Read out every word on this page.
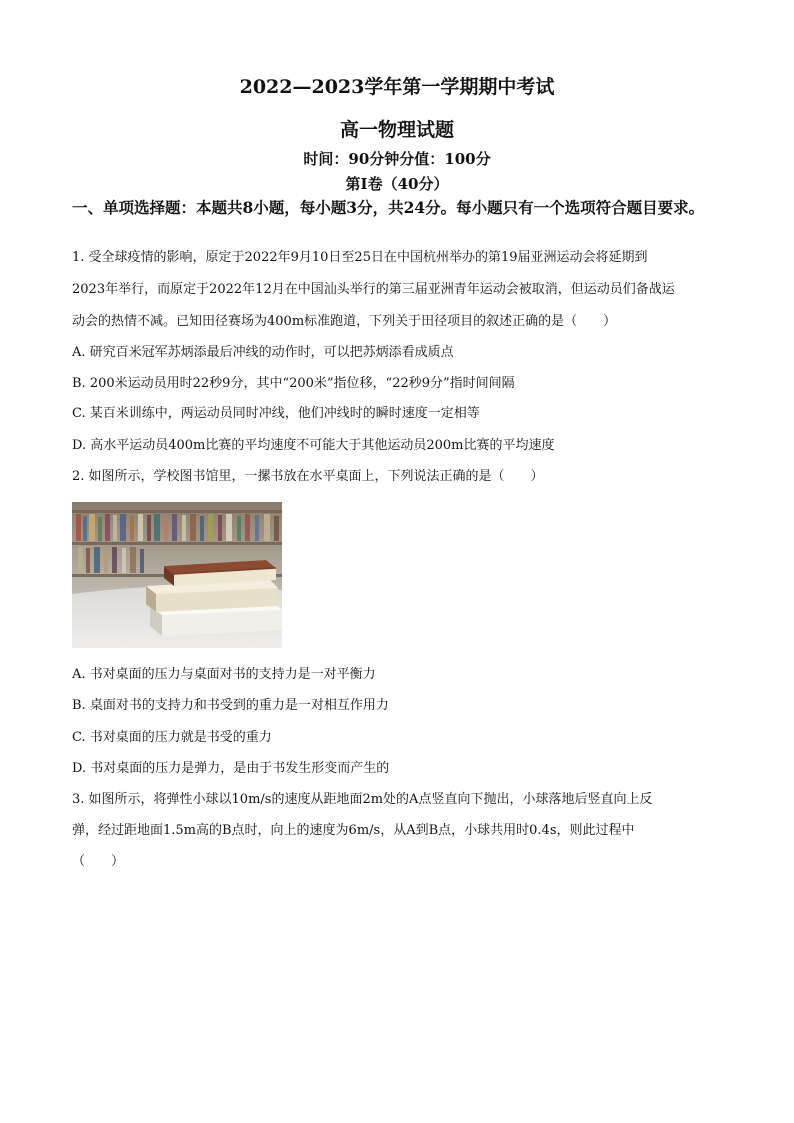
2022—2023学年第一学期期中考试
高一物理试题
时间：90分钟分值：100分
第Ⅰ卷（40分）
一、单项选择题：本题共8小题，每小题3分，共24分。每小题只有一个选项符合题目要求。
1. 受全球疫情的影响，原定于2022年9月10日至25日在中国杭州举办的第19届亚洲运动会将延期到
2023年举行，而原定于2022年12月在中国汕头举行的第三届亚洲青年运动会被取消，但运动员们备战运
动会的热情不减。已知田径赛场为400m标准跑道，下列关于田径项目的叙述正确的是（　　）
A. 研究百米冠军苏炳添最后冲线的动作时，可以把苏炳添看成质点
B. 200米运动员用时22秒9分，其中“200米”指位移，“22秒9分”指时间间隔
C. 某百米训练中，两运动员同时冲线，他们冲线时的瞬时速度一定相等
D. 高水平运动员400m比赛的平均速度不可能大于其他运动员200m比赛的平均速度
2. 如图所示，学校图书馆里，一摞书放在水平桌面上，下列说法正确的是（　　）
A. 书对桌面的压力与桌面对书的支持力是一对平衡力
B. 桌面对书的支持力和书受到的重力是一对相互作用力
C. 书对桌面的压力就是书受的重力
D. 书对桌面的压力是弹力，是由于书发生形变而产生的
3. 如图所示，将弹性小球以10m/s的速度从距地面2m处的A点竖直向下抛出，小球落地后竖直向上反
弹，经过距地面1.5m高的B点时，向上的速度为6m/s，从A到B点，小球共用时0.4s，则此过程中
（　　）
